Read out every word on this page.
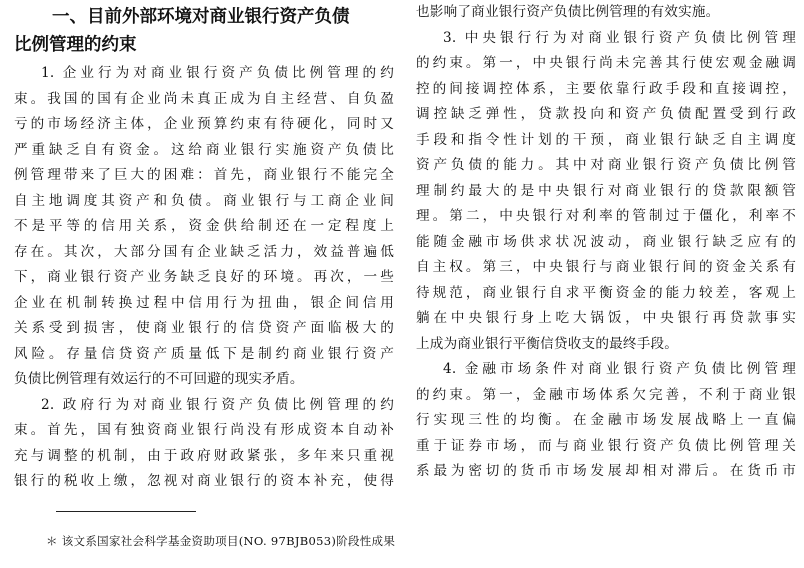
一、目前外部环境对商业银行资产负债
比例管理的约束
1. 企业行为对商业银行资产负债比例管理的约
束。我国的国有企业尚未真正成为自主经营、自负盈
亏的市场经济主体，企业预算约束有待硬化，同时又
严重缺乏自有资金。这给商业银行实施资产负债比
例管理带来了巨大的困难：首先，商业银行不能完全
自主地调度其资产和负债。商业银行与工商企业间
不是平等的信用关系，资金供给制还在一定程度上
存在。其次，大部分国有企业缺乏活力，效益普遍低
下，商业银行资产业务缺乏良好的环境。再次，一些
企业在机制转换过程中信用行为扭曲，银企间信用
关系受到损害，使商业银行的信贷资产面临极大的
风险。存量信贷资产质量低下是制约商业银行资产
负债比例管理有效运行的不可回避的现实矛盾。
2. 政府行为对商业银行资产负债比例管理的约
束。首先，国有独资商业银行尚没有形成资本自动补
充与调整的机制，由于政府财政紧张，多年来只重视
银行的税收上缴，忽视对商业银行的资本补充，使得
也影响了商业银行资产负债比例管理的有效实施。
3. 中央银行行为对商业银行资产负债比例管理
的约束。第一，中央银行尚未完善其行使宏观金融调
控的间接调控体系，主要依靠行政手段和直接调控，
调控缺乏弹性，贷款投向和资产负债配置受到行政
手段和指令性计划的干预，商业银行缺乏自主调度
资产负债的能力。其中对商业银行资产负债比例管
理制约最大的是中央银行对商业银行的贷款限额管
理。第二，中央银行对利率的管制过于僵化，利率不
能随金融市场供求状况波动，商业银行缺乏应有的
自主权。第三，中央银行与商业银行间的资金关系有
待规范，商业银行自求平衡资金的能力较差，客观上
躺在中央银行身上吃大锅饭，中央银行再贷款事实
上成为商业银行平衡信贷收支的最终手段。
4. 金融市场条件对商业银行资产负债比例管理
的约束。第一，金融市场体系欠完善，不利于商业银
行实现三性的均衡。在金融市场发展战略上一直偏
重于证券市场，而与商业银行资产负债比例管理关
系最为密切的货币市场发展却相对滞后。在货币市
＊ 该文系国家社会科学基金资助项目(NO. 97BJB053)阶段性成果
